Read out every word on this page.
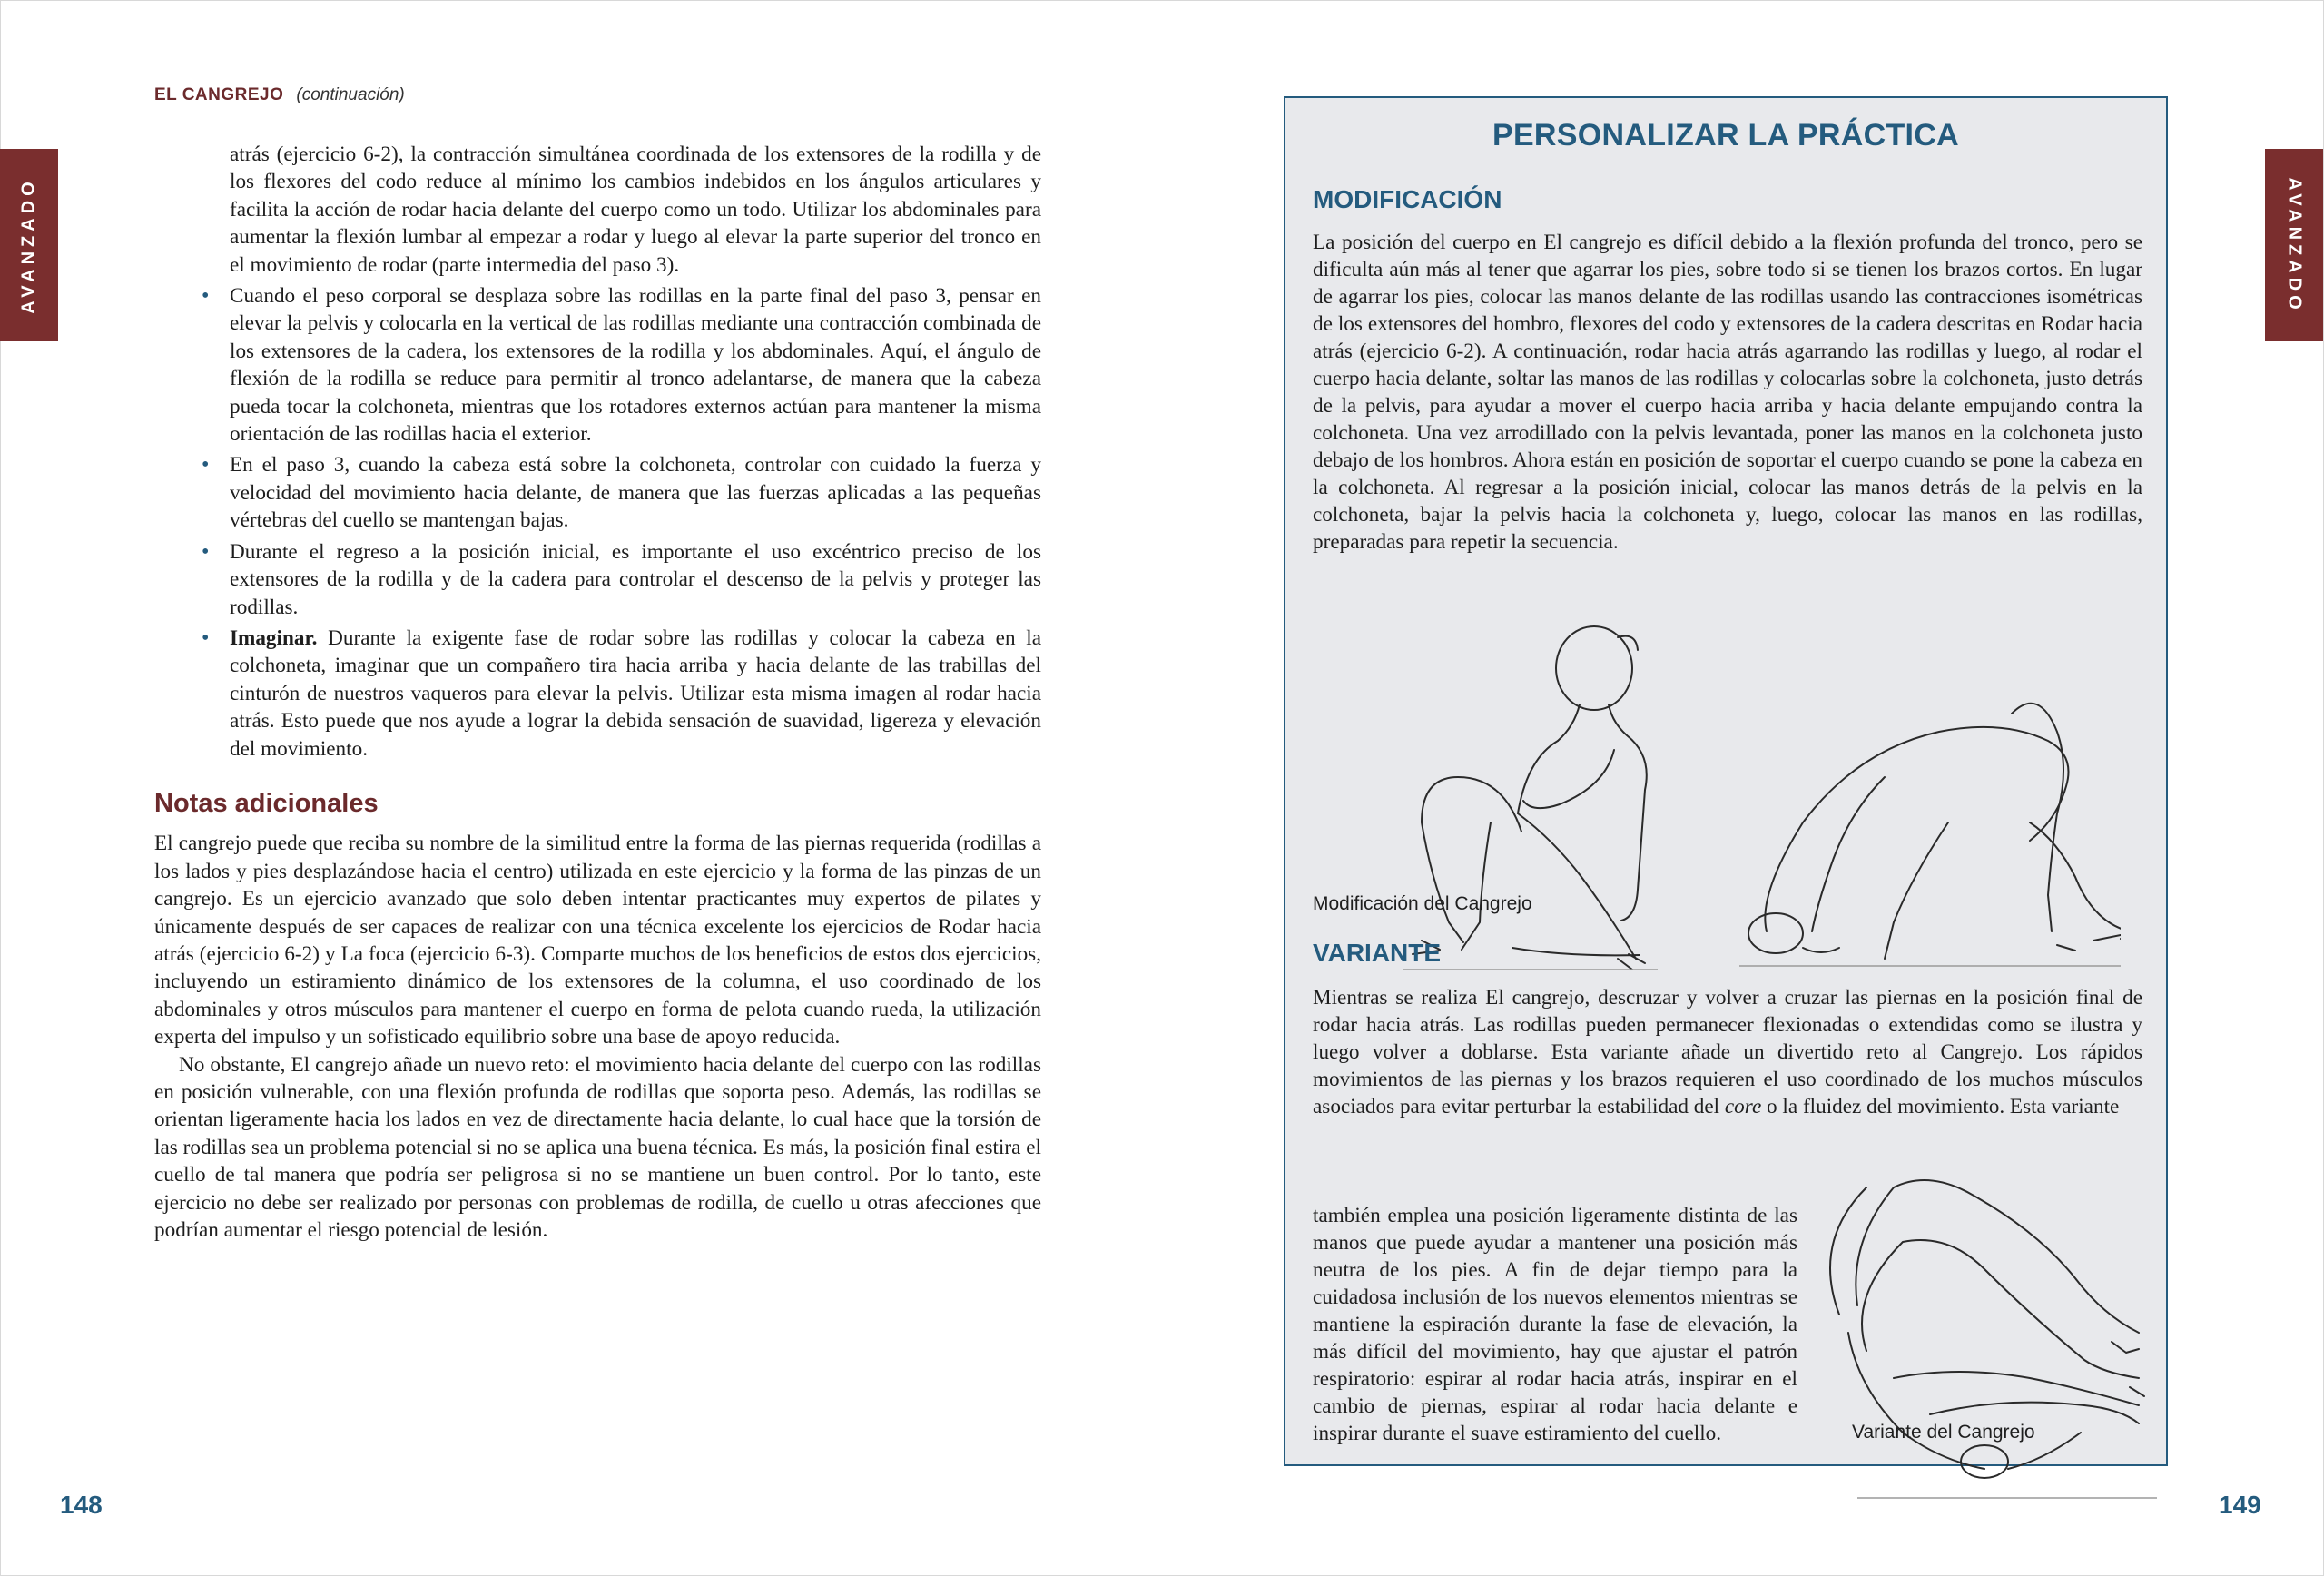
EL CANGREJO (continuación)
AVANZADO	AVANZADO
atrás (ejercicio 6-2), la contracción simultánea coordinada de los extensores de la rodilla y de los flexores del codo reduce al mínimo los cambios indebidos en los ángulos articulares y facilita la acción de rodar hacia delante del cuerpo como un todo. Utilizar los abdominales para aumentar la flexión lumbar al empezar a rodar y luego al elevar la parte superior del tronco en el movimiento de rodar (parte intermedia del paso 3).
• Cuando el peso corporal se desplaza sobre las rodillas en la parte final del paso 3, pensar en elevar la pelvis y colocarla en la vertical de las rodillas mediante una contracción combinada de los extensores de la cadera, los extensores de la rodilla y los abdominales. Aquí, el ángulo de flexión de la rodilla se reduce para permitir al tronco adelantarse, de manera que la cabeza pueda tocar la colchoneta, mientras que los rotadores externos actúan para mantener la misma orientación de las rodillas hacia el exterior.
• En el paso 3, cuando la cabeza está sobre la colchoneta, controlar con cuidado la fuerza y velocidad del movimiento hacia delante, de manera que las fuerzas aplicadas a las pequeñas vértebras del cuello se mantengan bajas.
• Durante el regreso a la posición inicial, es importante el uso excéntrico preciso de los extensores de la rodilla y de la cadera para controlar el descenso de la pelvis y proteger las rodillas.
• Imaginar. Durante la exigente fase de rodar sobre las rodillas y colocar la cabeza en la colchoneta, imaginar que un compañero tira hacia arriba y hacia delante de las trabillas del cinturón de nuestros vaqueros para elevar la pelvis. Utilizar esta misma imagen al rodar hacia atrás. Esto puede que nos ayude a lograr la debida sensación de suavidad, ligereza y elevación del movimiento.
Notas adicionales

El cangrejo puede que reciba su nombre de la similitud entre la forma de las piernas requerida (rodillas a los lados y pies desplazándose hacia el centro) utilizada en este ejercicio y la forma de las pinzas de un cangrejo. Es un ejercicio avanzado que solo deben intentar practicantes muy expertos de pilates y únicamente después de ser capaces de realizar con una técnica excelente los ejercicios de Rodar hacia atrás (ejercicio 6-2) y La foca (ejercicio 6-3). Comparte muchos de los beneficios de estos dos ejercicios, incluyendo un estiramiento dinámico de los extensores de la columna, el uso coordinado de los abdominales y otros músculos para mantener el cuerpo en forma de pelota cuando rueda, la utilización experta del impulso y un sofisticado equilibrio sobre una base de apoyo reducida.

No obstante, El cangrejo añade un nuevo reto: el movimiento hacia delante del cuerpo con las rodillas en posición vulnerable, con una flexión profunda de rodillas que soporta peso. Además, las rodillas se orientan ligeramente hacia los lados en vez de directamente hacia delante, lo cual hace que la torsión de las rodillas sea un problema potencial si no se aplica una buena técnica. Es más, la posición final estira el cuello de tal manera que podría ser peligrosa si no se mantiene un buen control. Por lo tanto, este ejercicio no debe ser realizado por personas con problemas de rodilla, de cuello u otras afecciones que podrían aumentar el riesgo potencial de lesión.

148	149
PERSONALIZAR LA PRÁCTICA
MODIFICACIÓN
La posición del cuerpo en El cangrejo es difícil debido a la flexión profunda del tronco, pero se dificulta aún más al tener que agarrar los pies, sobre todo si se tienen los brazos cortos. En lugar de agarrar los pies, colocar las manos delante de las rodillas usando las contracciones isométricas de los extensores del hombro, flexores del codo y extensores de la cadera descritas en Rodar hacia atrás (ejercicio 6-2). A continuación, rodar hacia atrás agarrando las rodillas y luego, al rodar el cuerpo hacia delante, soltar las manos de las rodillas y colocarlas sobre la colchoneta, justo detrás de la pelvis, para ayudar a mover el cuerpo hacia arriba y hacia delante empujando contra la colchoneta. Una vez arrodillado con la pelvis levantada, poner las manos en la colchoneta justo debajo de los hombros. Ahora están en posición de soportar el cuerpo cuando se pone la cabeza en la colchoneta. Al regresar a la posición inicial, colocar las manos detrás de la pelvis en la colchoneta, bajar la pelvis hacia la colchoneta y, luego, colocar las manos en las rodillas, preparadas para repetir la secuencia.
Modificación del Cangrejo
VARIANTE
Mientras se realiza El cangrejo, descruzar y volver a cruzar las piernas en la posición final de rodar hacia atrás. Las rodillas pueden permanecer flexionadas o extendidas como se ilustra y luego volver a doblarse. Esta variante añade un divertido reto al Cangrejo. Los rápidos movimientos de las piernas y los brazos requieren el uso coordinado de los muchos músculos asociados para evitar perturbar la estabilidad del core o la fluidez del movimiento. Esta variante
también emplea una posición ligeramente distinta de las manos que puede ayudar a mantener una posición más neutra de los pies. A fin de dejar tiempo para la cuidadosa inclusión de los nuevos elementos mientras se mantiene la espiración durante la fase de elevación, la más difícil del movimiento, hay que ajustar el patrón respiratorio: espirar al rodar hacia atrás, inspirar en el cambio de piernas, espirar al rodar hacia delante e inspirar durante el suave estiramiento del cuello.	Variante del Cangrejo
